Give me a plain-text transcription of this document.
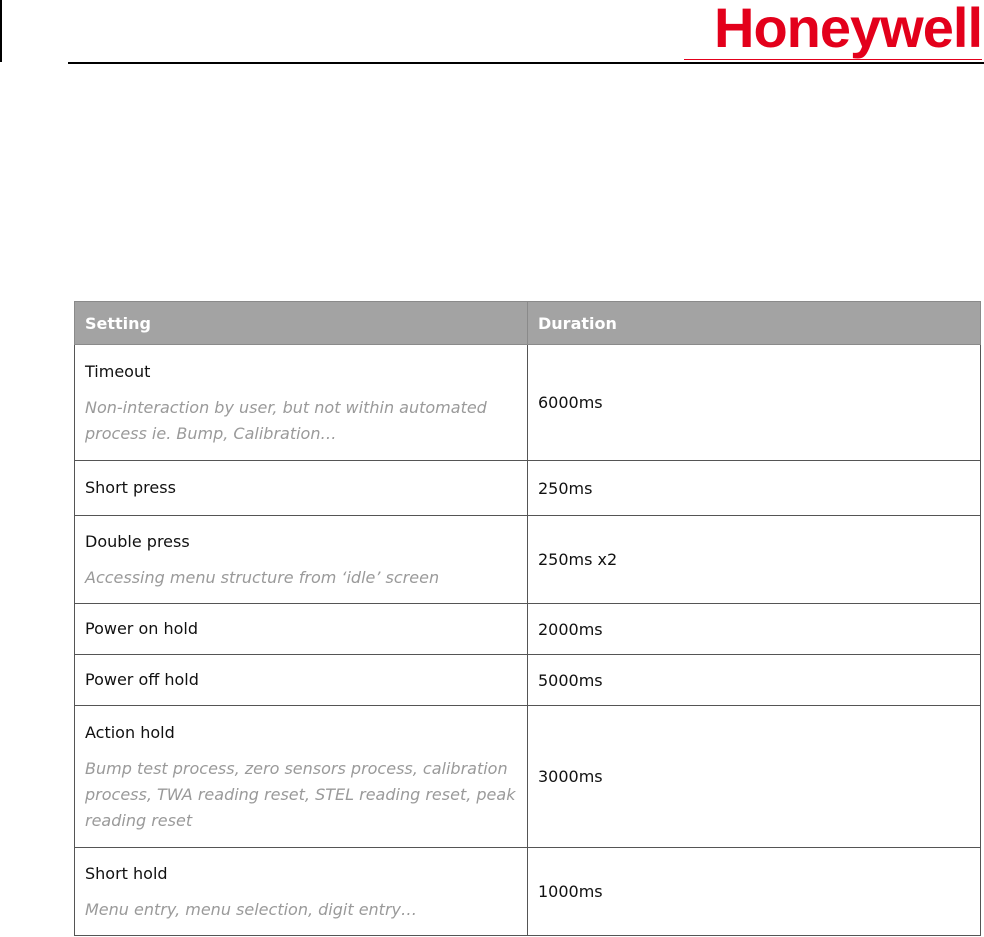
Honeywell
Setting	Duration

Timeout
Non-interaction by user, but not within automated process ie. Bump, Calibration…	6000ms

Short press	250ms

Double press
Accessing menu structure from ‘idle’ screen	250ms x2

Power on hold	2000ms

Power off hold	5000ms

Action hold
Bump test process, zero sensors process, calibration process, TWA reading reset, STEL reading reset, peak reading reset	3000ms

Short hold
Menu entry, menu selection, digit entry…	1000ms
